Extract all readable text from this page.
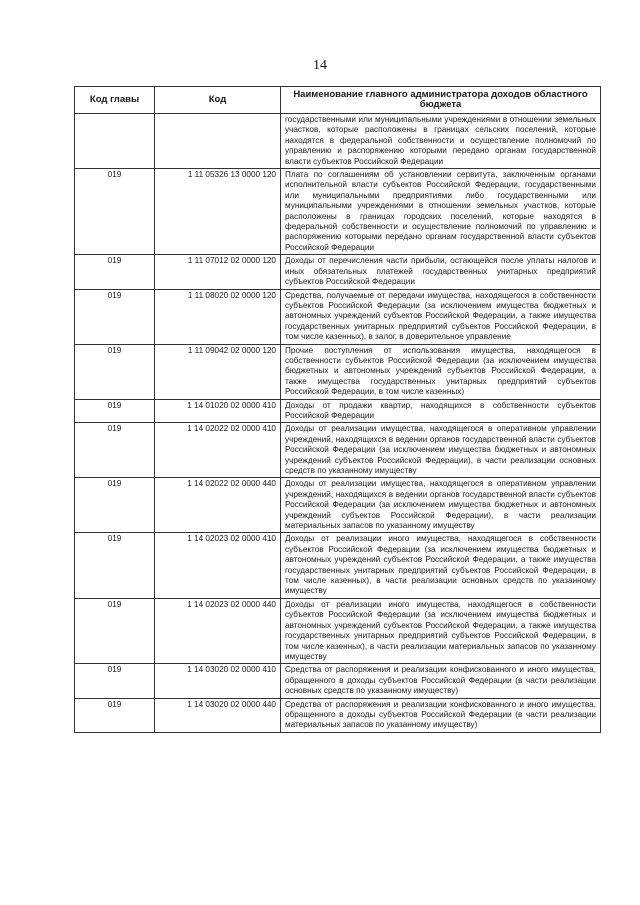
14
Код главы	Код	Наименование главного администратора доходов областного бюджета
		государственными или муниципальными учреждениями в отношении земельных участков, которые расположены в границах сельских поселений, которые находятся в федеральной собственности и осуществление полномочий по управлению и распоряжению которыми передано органам государственной власти субъектов Российской Федерации
019	1 11 05326 13 0000 120	Плата по соглашениям об установлении сервитута, заключенным органами исполнительной власти субъектов Российской Федерации, государственными или муниципальными предприятиями либо государственными или муниципальными учреждениями в отношении земельных участков, которые расположены в границах городских поселений, которые находятся в федеральной собственности и осуществление полномочий по управлению и распоряжению которыми передано органам государственной власти субъектов Российской Федерации
019	1 11 07012 02 0000 120	Доходы от перечисления части прибыли, остающейся после уплаты налогов и иных обязательных платежей государственных унитарных предприятий субъектов Российской Федерации
019	1 11 08020 02 0000 120	Средства, получаемые от передачи имущества, находящегося в собственности субъектов Российской Федерации (за исключением имущества бюджетных и автономных учреждений субъектов Российской Федерации, а также имущества государственных унитарных предприятий субъектов Российской Федерации, в том числе казенных), в залог, в доверительное управление
019	1 11 09042 02 0000 120	Прочие поступления от использования имущества, находящегося в собственности субъектов Российской Федерации (за исключением имущества бюджетных и автономных учреждений субъектов Российской Федерации, а также имущества государственных унитарных предприятий субъектов Российской Федерации, в том числе казенных)
019	1 14 01020 02 0000 410	Доходы от продажи квартир, находящихся в собственности субъектов Российской Федерации
019	1 14 02022 02 0000 410	Доходы от реализации имущества, находящегося в оперативном управлении учреждений, находящихся в ведении органов государственной власти субъектов Российской Федерации (за исключением имущества бюджетных и автономных учреждений субъектов Российской Федерации), в части реализации основных средств по указанному имуществу
019	1 14 02022 02 0000 440	Доходы от реализации имущества, находящегося в оперативном управлении учреждений, находящихся в ведении органов государственной власти субъектов Российской Федерации (за исключением имущества бюджетных и автономных учреждений субъектов Российской Федерации), в части реализации материальных запасов по указанному имуществу
019	1 14 02023 02 0000 410	Доходы от реализации иного имущества, находящегося в собственности субъектов Российской Федерации (за исключением имущества бюджетных и автономных учреждений субъектов Российской Федерации, а также имущества государственных унитарных предприятий субъектов Российской Федерации, в том числе казенных), в части реализации основных средств по указанному имуществу
019	1 14 02023 02 0000 440	Доходы от реализации иного имущества, находящегося в собственности субъектов Российской Федерации (за исключением имущества бюджетных и автономных учреждений субъектов Российской Федерации, а также имущества государственных унитарных предприятий субъектов Российской Федерации, в том числе казенных), в части реализации материальных запасов по указанному имуществу
019	1 14 03020 02 0000 410	Средства от распоряжения и реализации конфискованного и иного имущества, обращенного в доходы субъектов Российской Федерации (в части реализации основных средств по указанному имуществу)
019	1 14 03020 02 0000 440	Средства от распоряжения и реализации конфискованного и иного имущества, обращенного в доходы субъектов Российской Федерации (в части реализации материальных запасов по указанному имуществу)
